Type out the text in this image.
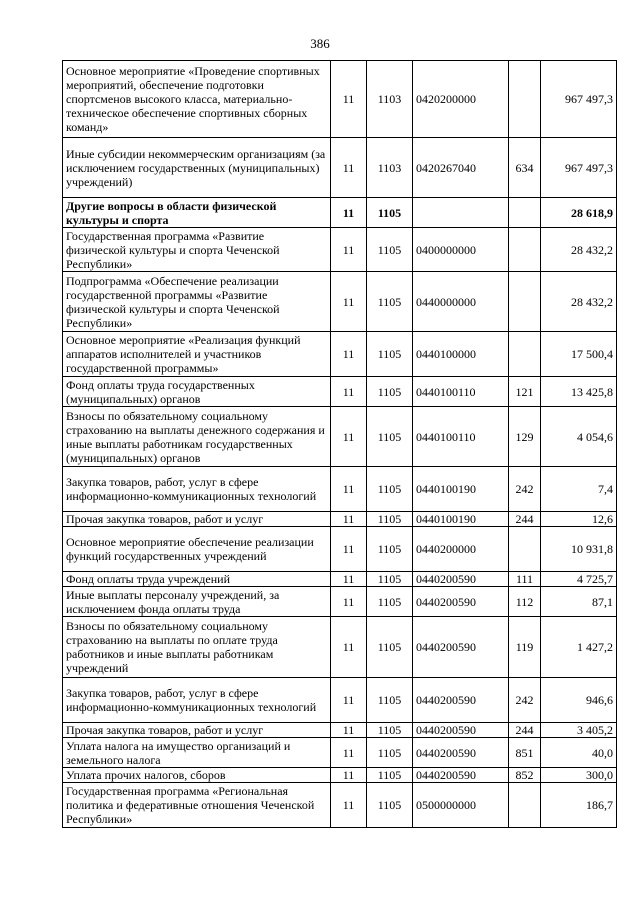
386
Основное мероприятие «Проведение спортивных мероприятий, обеспечение подготовки спортсменов высокого класса, материально-техническое обеспечение спортивных сборных команд»	11	1103	0420200000		967 497,3
Иные субсидии некоммерческим организациям (за исключением государственных (муниципальных) учреждений)	11	1103	0420267040	634	967 497,3
Другие вопросы в области физической культуры и спорта	11	1105			28 618,9
Государственная программа «Развитие физической культуры и спорта Чеченской Республики»	11	1105	0400000000		28 432,2
Подпрограмма «Обеспечение реализации государственной программы «Развитие физической культуры и спорта Чеченской Республики»	11	1105	0440000000		28 432,2
Основное мероприятие «Реализация функций аппаратов исполнителей и участников государственной программы»	11	1105	0440100000		17 500,4
Фонд оплаты труда государственных (муниципальных) органов	11	1105	0440100110	121	13 425,8
Взносы по обязательному социальному страхованию на выплаты денежного содержания и иные выплаты работникам государственных (муниципальных) органов	11	1105	0440100110	129	4 054,6
Закупка товаров, работ, услуг в сфере информационно-коммуникационных технологий	11	1105	0440100190	242	7,4
Прочая закупка товаров, работ и услуг	11	1105	0440100190	244	12,6
Основное мероприятие обеспечение реализации функций государственных учреждений	11	1105	0440200000		10 931,8
Фонд оплаты труда учреждений	11	1105	0440200590	111	4 725,7
Иные выплаты персоналу учреждений, за исключением фонда оплаты труда	11	1105	0440200590	112	87,1
Взносы по обязательному социальному страхованию на выплаты по оплате труда работников и иные выплаты работникам учреждений	11	1105	0440200590	119	1 427,2
Закупка товаров, работ, услуг в сфере информационно-коммуникационных технологий	11	1105	0440200590	242	946,6
Прочая закупка товаров, работ и услуг	11	1105	0440200590	244	3 405,2
Уплата налога на имущество организаций и земельного налога	11	1105	0440200590	851	40,0
Уплата прочих налогов, сборов	11	1105	0440200590	852	300,0
Государственная программа «Региональная политика и федеративные отношения Чеченской Республики»	11	1105	0500000000		186,7
